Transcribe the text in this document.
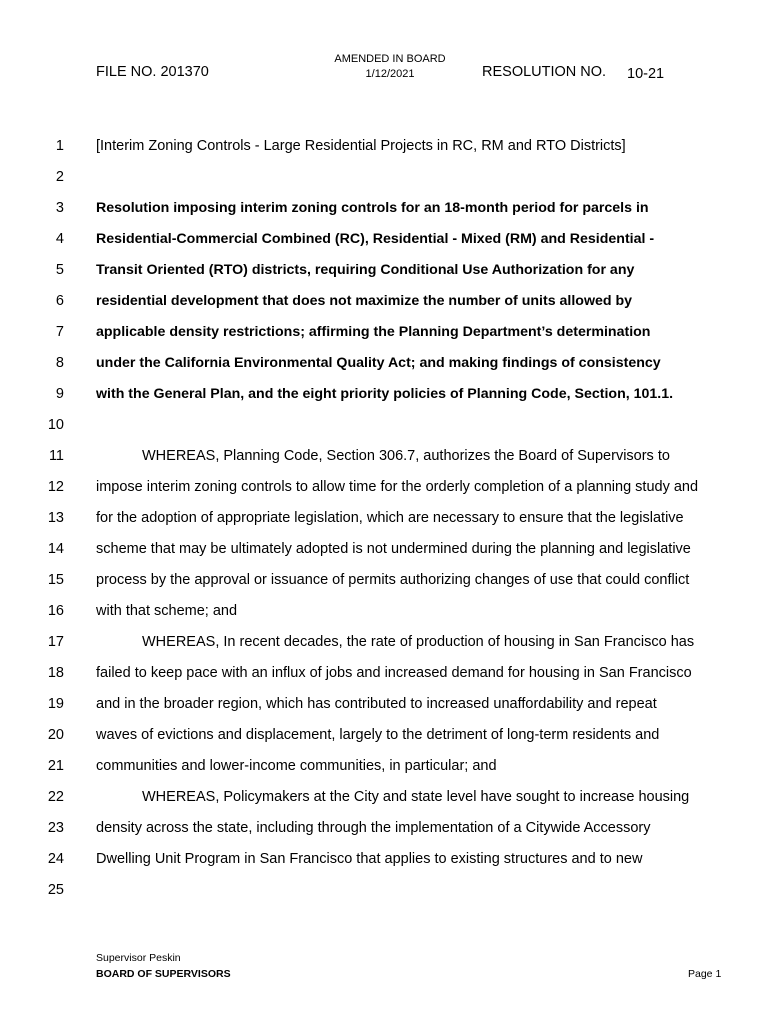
FILE NO. 201370
AMENDED IN BOARD
1/12/2021	RESOLUTION NO. 10-21
1 [Interim Zoning Controls - Large Residential Projects in RC, RM and RTO Districts]
2
3 Resolution imposing interim zoning controls for an 18-month period for parcels in
4 Residential-Commercial Combined (RC), Residential - Mixed (RM) and Residential -
5 Transit Oriented (RTO) districts, requiring Conditional Use Authorization for any
6 residential development that does not maximize the number of units allowed by
7 applicable density restrictions; affirming the Planning Department’s determination
8 under the California Environmental Quality Act; and making findings of consistency
9 with the General Plan, and the eight priority policies of Planning Code, Section, 101.1.
10
11	WHEREAS, Planning Code, Section 306.7, authorizes the Board of Supervisors to
12 impose interim zoning controls to allow time for the orderly completion of a planning study and
13 for the adoption of appropriate legislation, which are necessary to ensure that the legislative
14 scheme that may be ultimately adopted is not undermined during the planning and legislative
15 process by the approval or issuance of permits authorizing changes of use that could conflict
16 with that scheme; and
17	WHEREAS, In recent decades, the rate of production of housing in San Francisco has
18 failed to keep pace with an influx of jobs and increased demand for housing in San Francisco
19 and in the broader region, which has contributed to increased unaffordability and repeat
20 waves of evictions and displacement, largely to the detriment of long-term residents and
21 communities and lower-income communities, in particular; and
22	WHEREAS, Policymakers at the City and state level have sought to increase housing
23 density across the state, including through the implementation of a Citywide Accessory
24 Dwelling Unit Program in San Francisco that applies to existing structures and to new
25
Supervisor Peskin
BOARD OF SUPERVISORS	Page 1
